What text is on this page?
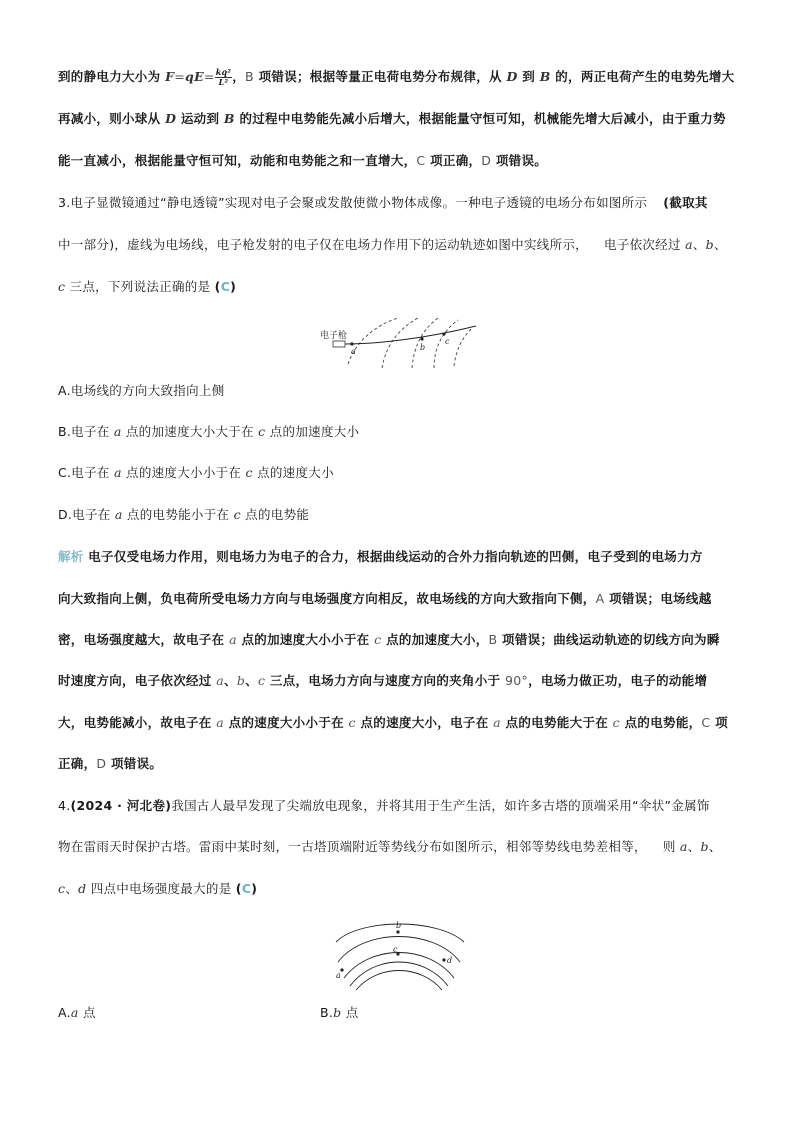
到的静电力大小为 $F=qE= \frac{\text{kq²}}{\text{L²}}$ ，B 项错误；根据等量正电荷电势分布规律，从 D 到 B 的，两正电荷产生的电势先增大
再减小，则小球从 D 运动到 B 的过程中电势能先减小后增大，根据能量守恒可知，机械能先增大后减小，由于重力势
能一直减小，根据能量守恒可知，动能和电势能之和一直增大，C 项正确，D 项错误。
3.电子显微镜通过“静电透镜”实现对电子会聚或发散使微小物体成像。一种电子透镜的电场分布如图所示 (截取其
中一部分)，虚线为电场线，电子枪发射的电子仅在电场力作用下的运动轨迹如图中实线所示， 电子依次经过 a、b、
c 三点，下列说法正确的是 (C)
电子枪
a	b
c
A.电场线的方向大致指向上侧
B.电子在 a 点的加速度大小大于在 c 点的加速度大小
C.电子在 a 点的速度大小小于在 c 点的速度大小
D.电子在 a 点的电势能小于在 c 点的电势能
解析 电子仅受电场力作用，则电场力为电子的合力，根据曲线运动的合外力指向轨迹的凹侧，电子受到的电场力方
向大致指向上侧，负电荷所受电场力方向与电场强度方向相反，故电场线的方向大致指向下侧，A 项错误；电场线越
密，电场强度越大，故电子在 a 点的加速度大小小于在 c 点的加速度大小，B 项错误；曲线运动轨迹的切线方向为瞬
时速度方向，电子依次经过 a、b、c 三点，电场力方向与速度方向的夹角小于 90°，电场力做正功，电子的动能增
大，电势能减小，故电子在 a 点的速度大小小于在 c 点的速度大小，电子在 a 点的电势能大于在 c 点的电势能，C 项
正确，D 项错误。
4.(2024 · 河北卷)我国古人最早发现了尖端放电现象，并将其用于生产生活，如许多古塔的顶端采用“伞状”金属饰
物在雷雨天时保护古塔。雷雨中某时刻，一古塔顶端附近等势线分布如图所示，相邻等势线电势差相等， 则 a、b、
c、d 四点中电场强度最大的是 (C)
b
c
a
d
A.a 点	B.b 点
